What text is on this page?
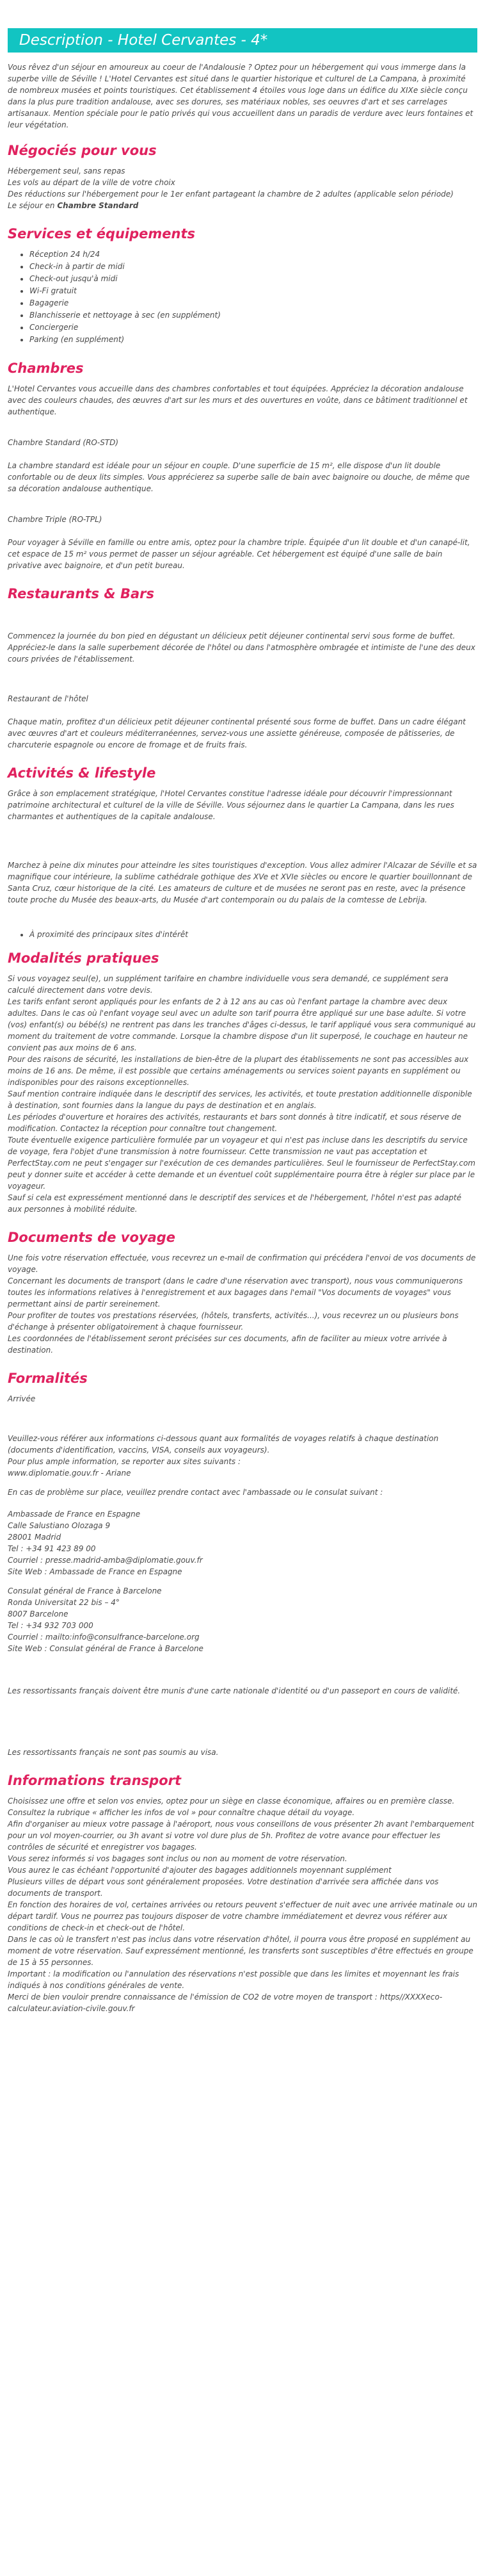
Description - Hotel Cervantes - 4*

Vous rêvez d'un séjour en amoureux au coeur de l'Andalousie ? Optez pour un hébergement qui vous immerge dans la superbe ville de Séville ! L'Hotel Cervantes est situé dans le quartier historique et culturel de La Campana, à proximité de nombreux musées et points touristiques. Cet établissement 4 étoiles vous loge dans un édifice du XIXe siècle conçu dans la plus pure tradition andalouse, avec ses dorures, ses matériaux nobles, ses oeuvres d'art et ses carrelages artisanaux. Mention spéciale pour le patio privés qui vous accueillent dans un paradis de verdure avec leurs fontaines et leur végétation.

Négociés pour vous
Hébergement seul, sans repas
Les vols au départ de la ville de votre choix
Des réductions sur l'hébergement pour le 1er enfant partageant la chambre de 2 adultes (applicable selon période)
Le séjour en Chambre Standard
Services et équipements
• Réception 24 h/24
• Check-in à partir de midi
• Check-out jusqu'à midi
• Wi-Fi gratuit
• Bagagerie
• Blanchisserie et nettoyage à sec (en supplément)
• Conciergerie
• Parking (en supplément)
Chambres

L'Hotel Cervantes vous accueille dans des chambres confortables et tout équipées. Appréciez la décoration andalouse avec des couleurs chaudes, des œuvres d'art sur les murs et des ouvertures en voûte, dans ce bâtiment traditionnel et authentique.

Chambre Standard (RO-STD)

La chambre standard est idéale pour un séjour en couple. D'une superficie de 15 m², elle dispose d'un lit double confortable ou de deux lits simples. Vous apprécierez sa superbe salle de bain avec baignoire ou douche, de même que sa décoration andalouse authentique.

Chambre Triple (RO-TPL)

Pour voyager à Séville en famille ou entre amis, optez pour la chambre triple. Équipée d'un lit double et d'un canapé-lit, cet espace de 15 m² vous permet de passer un séjour agréable. Cet hébergement est équipé d'une salle de bain privative avec baignoire, et d'un petit bureau.

Restaurants & Bars

Commencez la journée du bon pied en dégustant un délicieux petit déjeuner continental servi sous forme de buffet. Appréciez-le dans la salle superbement décorée de l'hôtel ou dans l'atmosphère ombragée et intimiste de l'une des deux cours privées de l'établissement.

Restaurant de l'hôtel

Chaque matin, profitez d'un délicieux petit déjeuner continental présenté sous forme de buffet. Dans un cadre élégant avec œuvres d'art et couleurs méditerranéennes, servez-vous une assiette généreuse, composée de pâtisseries, de charcuterie espagnole ou encore de fromage et de fruits frais.

Activités & lifestyle

Grâce à son emplacement stratégique, l'Hotel Cervantes constitue l'adresse idéale pour découvrir l'impressionnant patrimoine architectural et culturel de la ville de Séville. Vous séjournez dans le quartier La Campana, dans les rues charmantes et authentiques de la capitale andalouse.

Marchez à peine dix minutes pour atteindre les sites touristiques d'exception. Vous allez admirer l'Alcazar de Séville et sa magnifique cour intérieure, la sublime cathédrale gothique des XVe et XVIe siècles ou encore le quartier bouillonnant de Santa Cruz, cœur historique de la cité. Les amateurs de culture et de musées ne seront pas en reste, avec la présence toute proche du Musée des beaux-arts, du Musée d'art contemporain ou du palais de la comtesse de Lebrija.

• À proximité des principaux sites d'intérêt
Modalités pratiques
Si vous voyagez seul(e), un supplément tarifaire en chambre individuelle vous sera demandé, ce supplément sera calculé directement dans votre devis.
Les tarifs enfant seront appliqués pour les enfants de 2 à 12 ans au cas où l'enfant partage la chambre avec deux adultes. Dans le cas où l'enfant voyage seul avec un adulte son tarif pourra être appliqué sur une base adulte. Si votre (vos) enfant(s) ou bébé(s) ne rentrent pas dans les tranches d'âges ci-dessus, le tarif appliqué vous sera communiqué au moment du traitement de votre commande. Lorsque la chambre dispose d'un lit superposé, le couchage en hauteur ne convient pas aux moins de 6 ans.
Pour des raisons de sécurité, les installations de bien-être de la plupart des établissements ne sont pas accessibles aux moins de 16 ans. De même, il est possible que certains aménagements ou services soient payants en supplément ou indisponibles pour des raisons exceptionnelles.
Sauf mention contraire indiquée dans le descriptif des services, les activités, et toute prestation additionnelle disponible à destination, sont fournies dans la langue du pays de destination et en anglais.
Les périodes d'ouverture et horaires des activités, restaurants et bars sont donnés à titre indicatif, et sous réserve de modification. Contactez la réception pour connaître tout changement.
Toute éventuelle exigence particulière formulée par un voyageur et qui n'est pas incluse dans les descriptifs du service de voyage, fera l'objet d'une transmission à notre fournisseur. Cette transmission ne vaut pas acceptation et PerfectStay.com ne peut s'engager sur l'exécution de ces demandes particulières. Seul le fournisseur de PerfectStay.com peut y donner suite et accéder à cette demande et un éventuel coût supplémentaire pourra être à régler sur place par le voyageur.
Sauf si cela est expressément mentionné dans le descriptif des services et de l'hébergement, l'hôtel n'est pas adapté aux personnes à mobilité réduite.
Documents de voyage
Une fois votre réservation effectuée, vous recevrez un e-mail de confirmation qui précédera l'envoi de vos documents de voyage.
Concernant les documents de transport (dans le cadre d'une réservation avec transport), nous vous communiquerons toutes les informations relatives à l'enregistrement et aux bagages dans l'email "Vos documents de voyages" vous permettant ainsi de partir sereinement.
Pour profiter de toutes vos prestations réservées, (hôtels, transferts, activités...), vous recevrez un ou plusieurs bons d'échange à présenter obligatoirement à chaque fournisseur.
Les coordonnées de l'établissement seront précisées sur ces documents, afin de faciliter au mieux votre arrivée à destination.
Formalités

Arrivée

Veuillez-vous référer aux informations ci-dessous quant aux formalités de voyages relatifs à chaque destination (documents d'identification, vaccins, VISA, conseils aux voyageurs).
Pour plus ample information, se reporter aux sites suivants :
www.diplomatie.gouv.fr - Ariane

En cas de problème sur place, veuillez prendre contact avec l'ambassade ou le consulat suivant :

Ambassade de France en Espagne
Calle Salustiano Olozaga 9
28001 Madrid
Tel : +34 91 423 89 00
Courriel : presse.madrid-amba@diplomatie.gouv.fr
Site Web : Ambassade de France en Espagne
Consulat général de France à Barcelone
Ronda Universitat 22 bis – 4°
8007 Barcelone
Tel : +34 932 703 000
Courriel : mailto:info@consulfrance-barcelone.org
Site Web : Consulat général de France à Barcelone

Les ressortissants français doivent être munis d'une carte nationale d'identité ou d'un passeport en cours de validité.

Les ressortissants français ne sont pas soumis au visa.

Informations transport
Choisissez une offre et selon vos envies, optez pour un siège en classe économique, affaires ou en première classe.
Consultez la rubrique « afficher les infos de vol » pour connaître chaque détail du voyage.
Afin d'organiser au mieux votre passage à l'aéroport, nous vous conseillons de vous présenter 2h avant l'embarquement pour un vol moyen-courrier, ou 3h avant si votre vol dure plus de 5h. Profitez de votre avance pour effectuer les contrôles de sécurité et enregistrer vos bagages.
Vous serez informés si vos bagages sont inclus ou non au moment de votre réservation.
Vous aurez le cas échéant l'opportunité d'ajouter des bagages additionnels moyennant supplément
Plusieurs villes de départ vous sont généralement proposées. Votre destination d'arrivée sera affichée dans vos documents de transport.
En fonction des horaires de vol, certaines arrivées ou retours peuvent s'effectuer de nuit avec une arrivée matinale ou un départ tardif. Vous ne pourrez pas toujours disposer de votre chambre immédiatement et devrez vous référer aux conditions de check-in et check-out de l'hôtel.
Dans le cas où le transfert n'est pas inclus dans votre réservation d'hôtel, il pourra vous être proposé en supplément au moment de votre réservation. Sauf expressément mentionné, les transferts sont susceptibles d'être effectués en groupe de 15 à 55 personnes.
Important : la modification ou l'annulation des réservations n'est possible que dans les limites et moyennant les frais indiqués à nos conditions générales de vente.
Merci de bien vouloir prendre connaissance de l'émission de CO2 de votre moyen de transport : https//XXXXeco-calculateur.aviation-civile.gouv.fr
